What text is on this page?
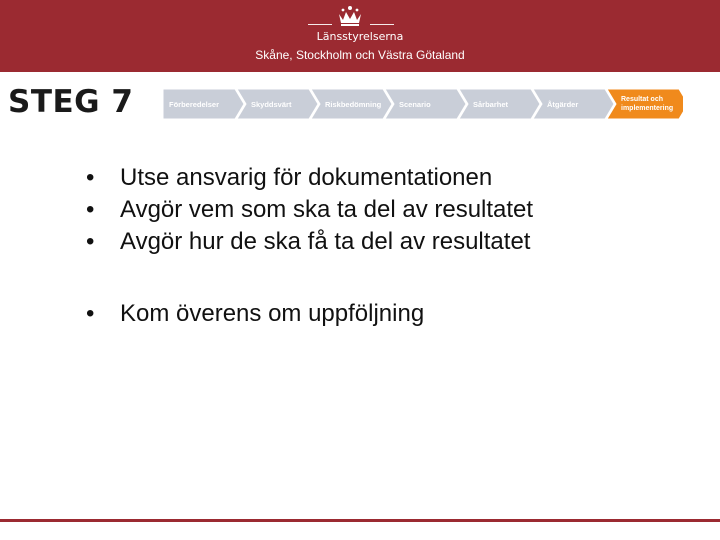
Länsstyrelserna
Skåne, Stockholm och Västra Götaland
STEG 7	Förberedelser	Skyddsvärt	Riskbedömning Scenario	Sårbarhet	Åtgärder
Resultat och
implementering
• Utse ansvarig för dokumentationen
• Avgör vem som ska ta del av resultatet
• Avgör hur de ska få ta del av resultatet
• Kom överens om uppföljning
